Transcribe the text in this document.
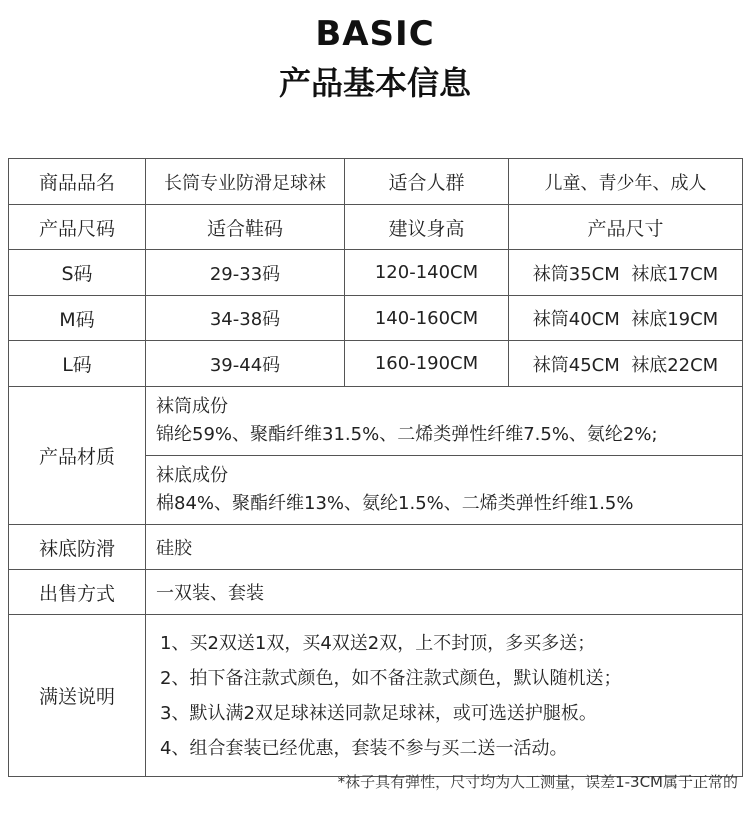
BASIC
产品基本信息
商品品名	长筒专业防滑足球袜	适合人群	儿童、青少年、成人
产品尺码	适合鞋码	建议身高	产品尺寸
S码	29-33码	120-140CM	袜筒35CM  袜底17CM
M码	34-38码	140-160CM	袜筒40CM  袜底19CM
L码	39-44码	160-190CM	袜筒45CM  袜底22CM
产品材质	袜筒成份
锦纶59%、聚酯纤维31.5%、二烯类弹性纤维7.5%、氨纶2%;
袜底成份
棉84%、聚酯纤维13%、氨纶1.5%、二烯类弹性纤维1.5%		

袜底防滑	硅胶		
出售方式	一双装、套装		
满送说明	1、买2双送1双，买4双送2双，上不封顶，多买多送；
2、拍下备注款式颜色，如不备注款式颜色，默认随机送；
3、默认满2双足球袜送同款足球袜，或可选送护腿板。
4、组合套装已经优惠，套装不参与买二送一活动。		
*袜子具有弹性，尺寸均为人工测量，误差1-3CM属于正常的
